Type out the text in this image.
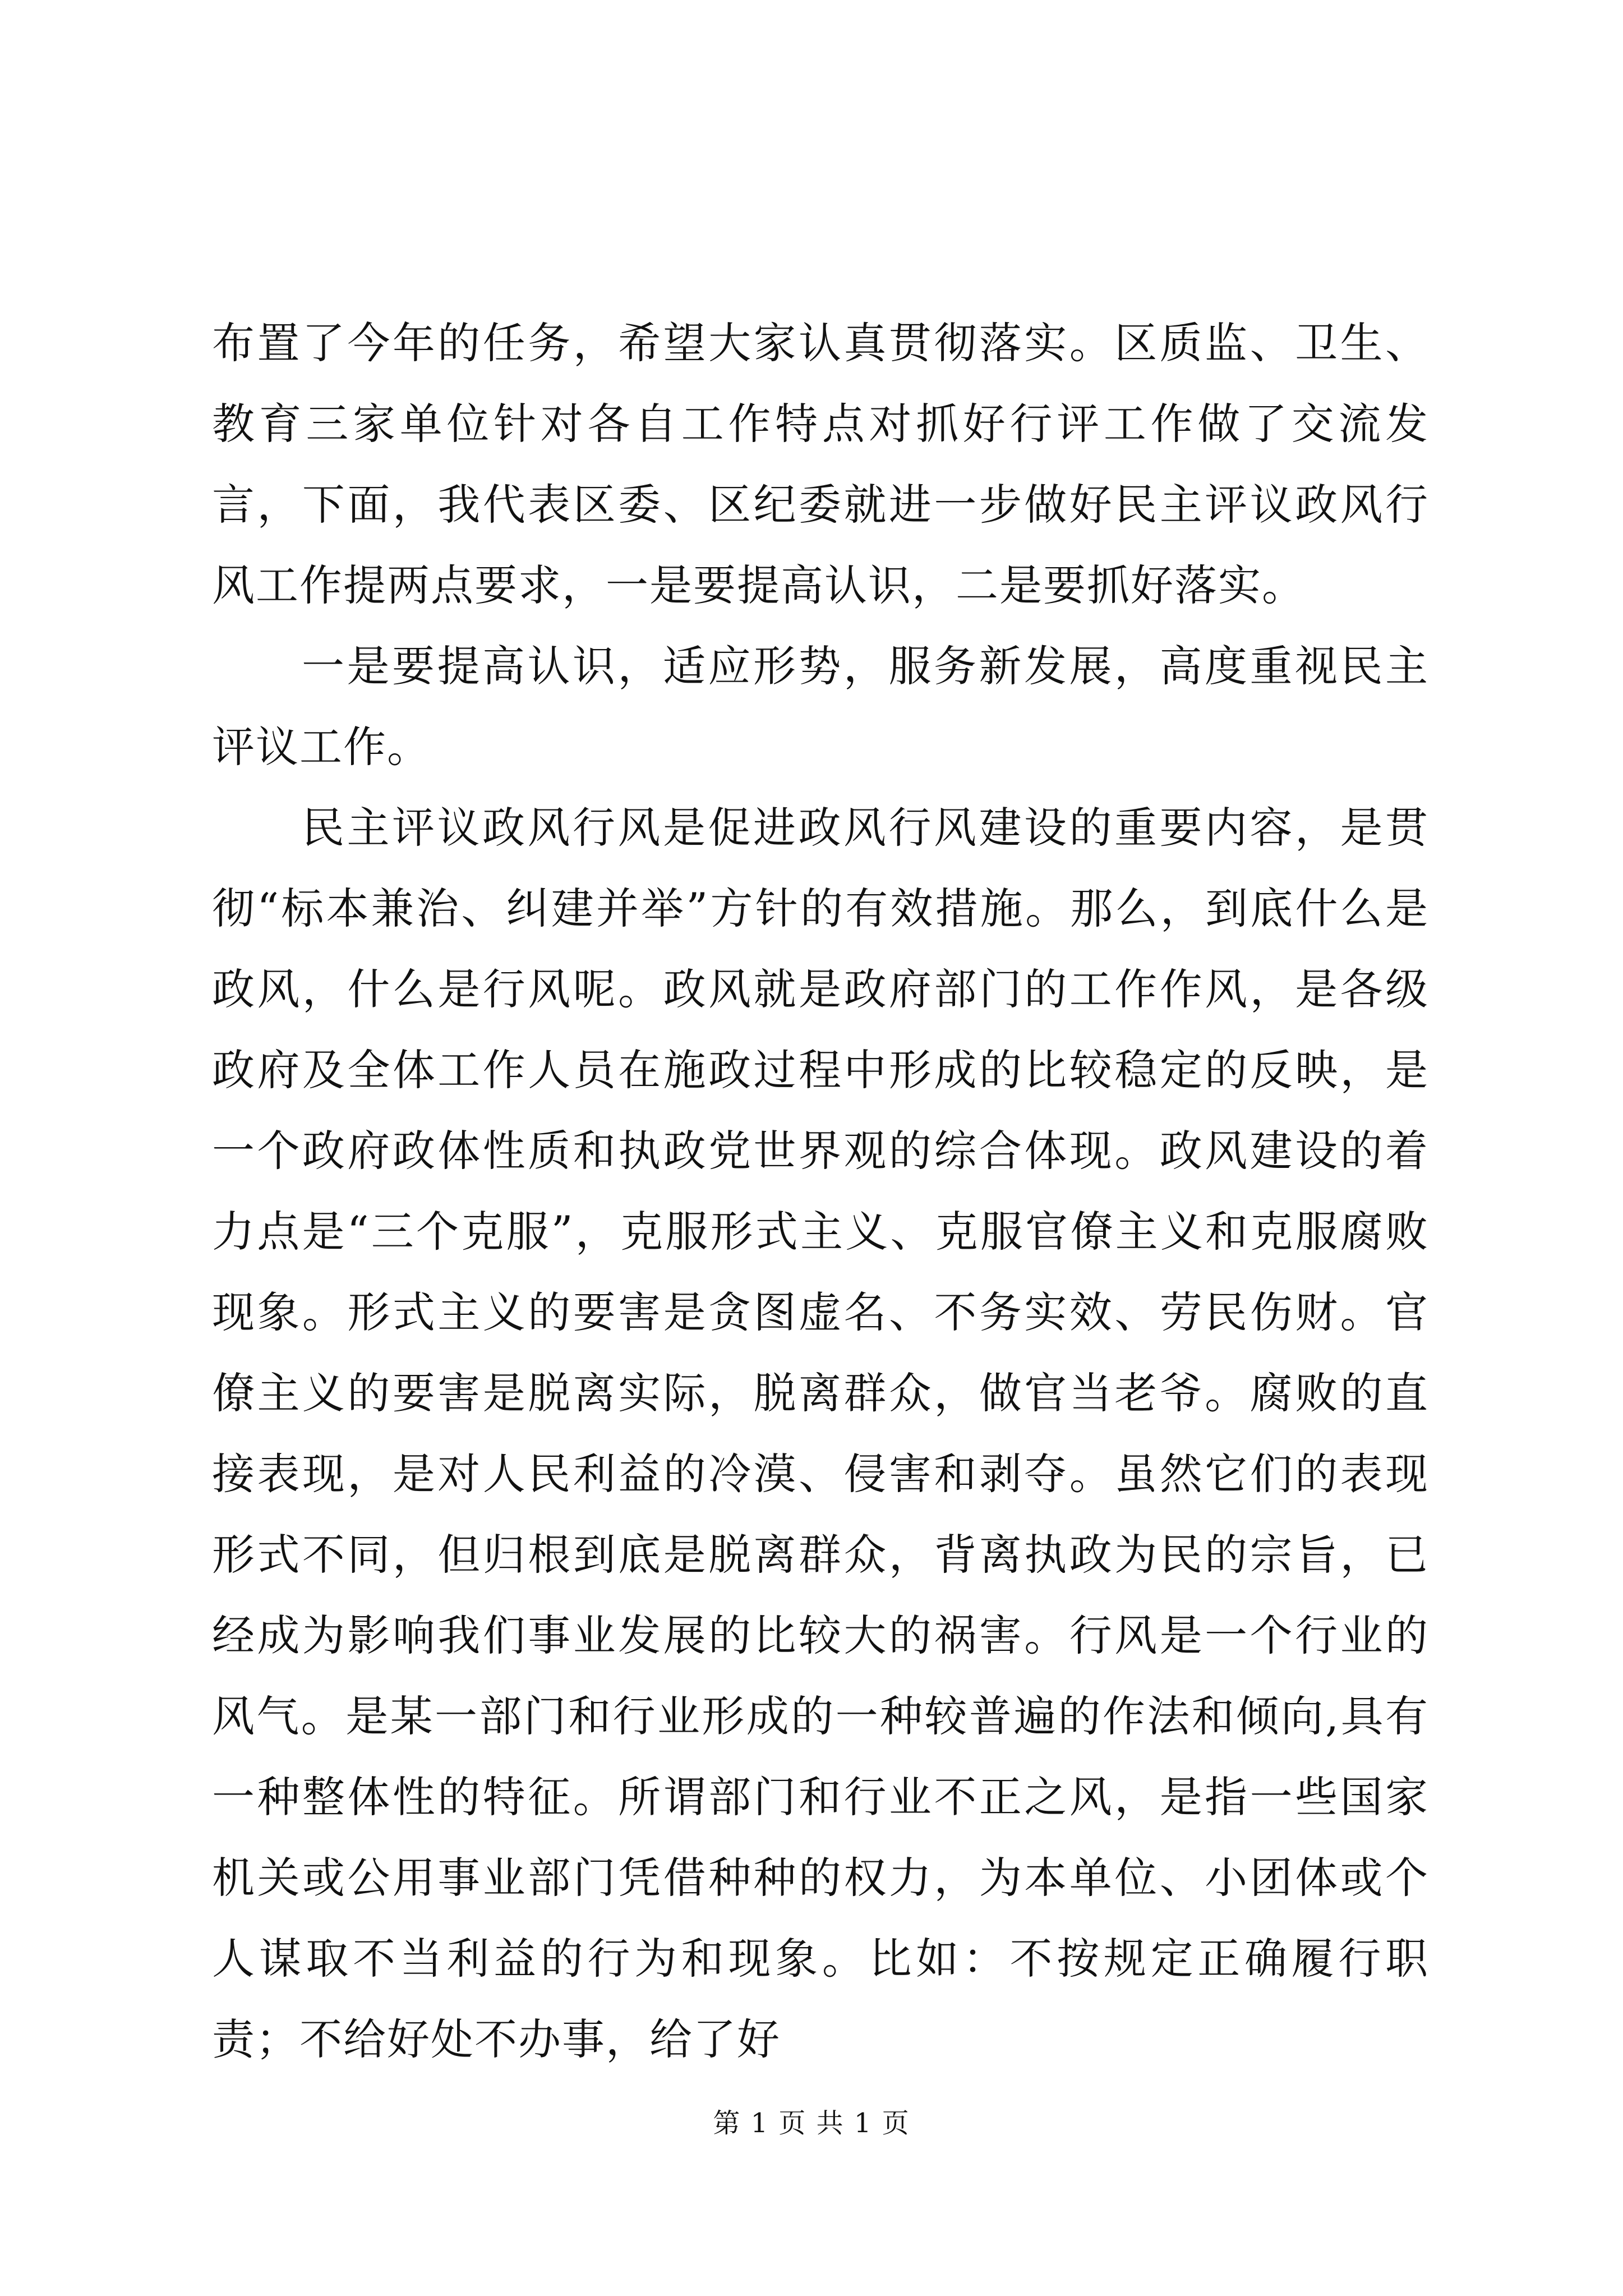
布置了今年的任务，希望大家认真贯彻落实。区质监、卫生、教育三家单位针对各自工作特点对抓好行评工作做了交流发言，下面，我代表区委、区纪委就进一步做好民主评议政风行风工作提两点要求，一是要提高认识，二是要抓好落实。

一是要提高认识，适应形势，服务新发展，高度重视民主评议工作。

民主评议政风行风是促进政风行风建设的重要内容，是贯彻“标本兼治、纠建并举”方针的有效措施。那么，到底什么是政风，什么是行风呢。政风就是政府部门的工作作风，是各级政府及全体工作人员在施政过程中形成的比较稳定的反映，是一个政府政体性质和执政党世界观的综合体现。政风建设的着力点是“三个克服”，克服形式主义、克服官僚主义和克服腐败现象。形式主义的要害是贪图虚名、不务实效、劳民伤财。官僚主义的要害是脱离实际，脱离群众，做官当老爷。腐败的直接表现，是对人民利益的冷漠、侵害和剥夺。虽然它们的表现形式不同，但归根到底是脱离群众，背离执政为民的宗旨，已经成为影响我们事业发展的比较大的祸害。行风是一个行业的风气。是某一部门和行业形成的一种较普遍的作法和倾向,具有一种整体性的特征。所谓部门和行业不正之风，是指一些国家机关或公用事业部门凭借种种的权力，为本单位、小团体或个人谋取不当利益的行为和现象。比如：不按规定正确履行职责；不给好处不办事，给了好

第 1 页 共 1 页
